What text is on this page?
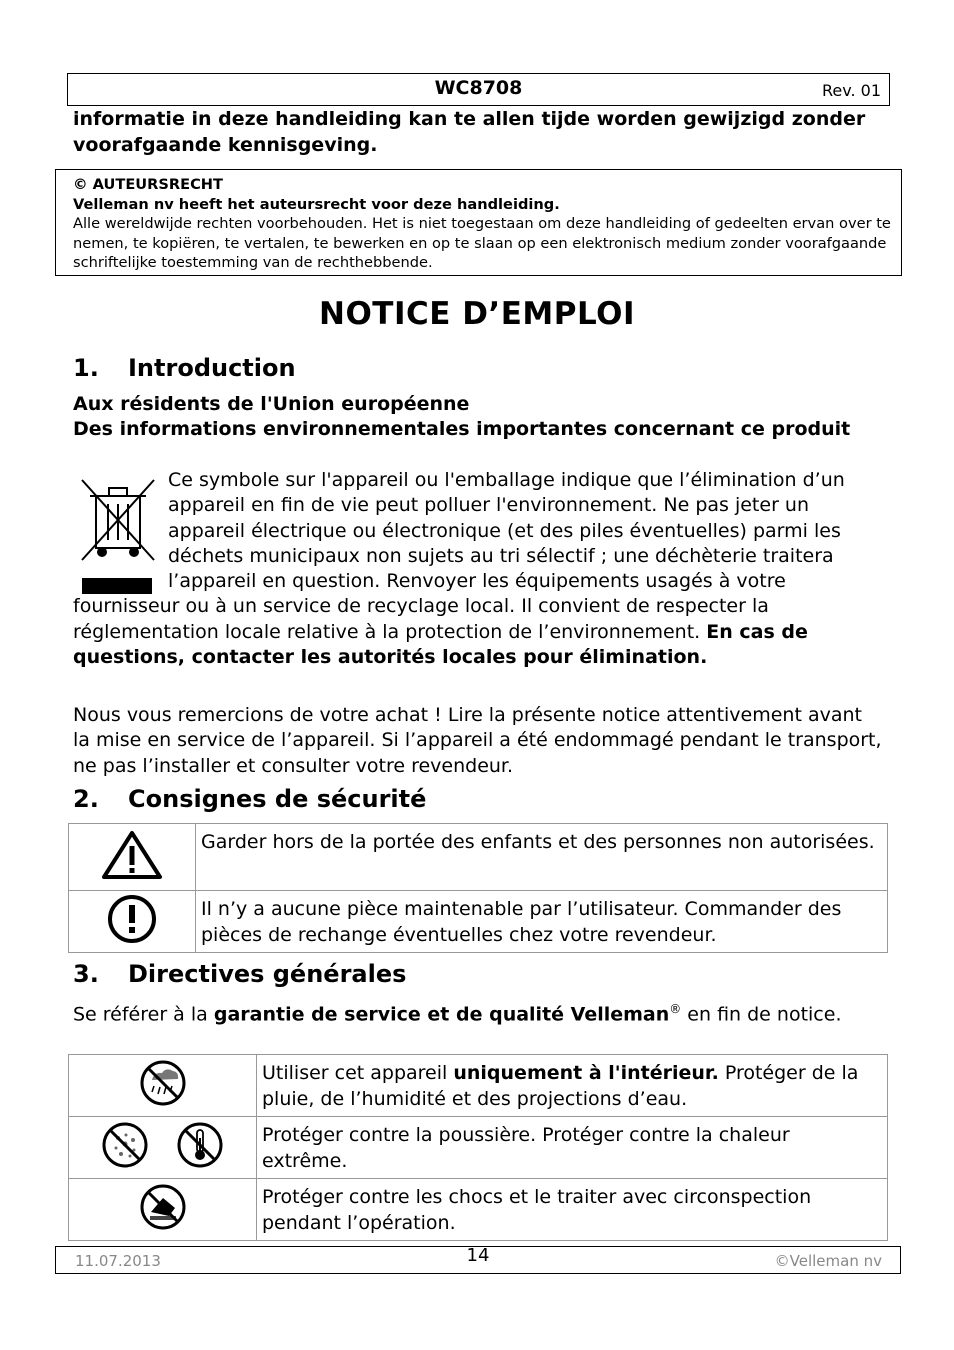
WC8708	Rev. 01
informatie in deze handleiding kan te allen tijde worden gewijzigd zonder voorafgaande kennisgeving.
© AUTEURSRECHT
Velleman nv heeft het auteursrecht voor deze handleiding.
Alle wereldwijde rechten voorbehouden. Het is niet toegestaan om deze handleiding of gedeelten ervan over te nemen, te kopiëren, te vertalen, te bewerken en op te slaan op een elektronisch medium zonder voorafgaande schriftelijke toestemming van de rechthebbende.
NOTICE D’EMPLOI
1. Introduction
Aux résidents de l'Union européenne
Des informations environnementales importantes concernant ce produit
Ce symbole sur l'appareil ou l'emballage indique que l’élimination d’un appareil en fin de vie peut polluer l'environnement. Ne pas jeter un appareil électrique ou électronique (et des piles éventuelles) parmi les déchets municipaux non sujets au tri sélectif ; une déchèterie traitera l’appareil en question. Renvoyer les équipements usagés à votre fournisseur ou à un service de recyclage local. Il convient de respecter la réglementation locale relative à la protection de l’environnement. En cas de questions, contacter les autorités locales pour élimination.
Nous vous remercions de votre achat ! Lire la présente notice attentivement avant la mise en service de l’appareil. Si l’appareil a été endommagé pendant le transport, ne pas l’installer et consulter votre revendeur.
2. Consignes de sécurité
	Garder hors de la portée des enfants et des personnes non autorisées.
	Il n’y a aucune pièce maintenable par l’utilisateur. Commander des pièces de rechange éventuelles chez votre revendeur.
3. Directives générales
Se référer à la garantie de service et de qualité Velleman® en fin de notice.
	Utiliser cet appareil uniquement à l'intérieur. Protéger de la pluie, de l’humidité et des projections d’eau.
	Protéger contre la poussière. Protéger contre la chaleur extrême.
	Protéger contre les chocs et le traiter avec circonspection pendant l’opération.
11.07.2013	14	©Velleman nv
